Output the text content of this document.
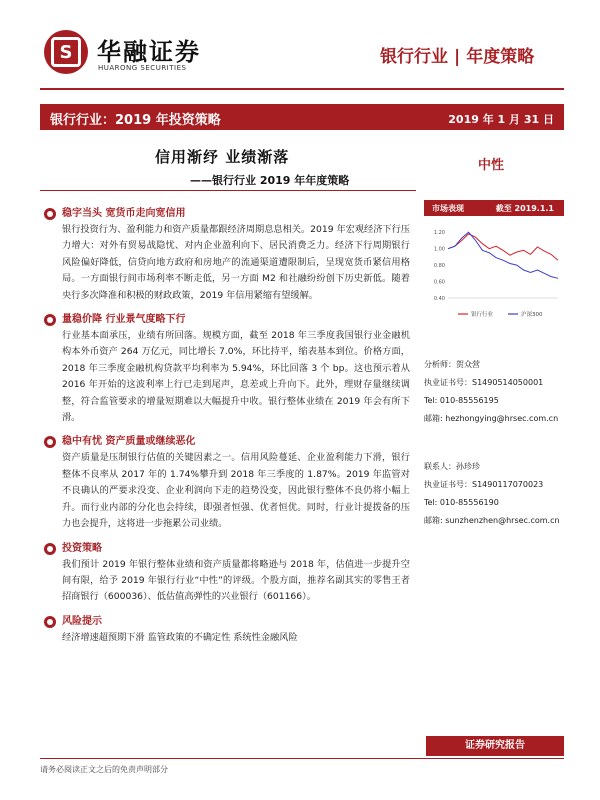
S	华融证券
HUARONG SECURITIES
银行行业 | 年度策略
银行行业：2019 年投资策略	2019 年 1 月 31 日
信用渐纾 业绩渐落
——银行行业 2019 年年度策略
中性
稳字当头 宽货币走向宽信用
银行投资行为、盈利能力和资产质量都跟经济周期息息相关。2019 年宏观经济下行压力增大：对外有贸易战隐忧、对内企业盈利向下、居民消费乏力。经济下行周期银行风险偏好降低，信贷向地方政府和房地产的流通渠道遭限制后，呈现宽货币紧信用格局。一方面银行间市场利率不断走低，另一方面 M2 和社融纷纷创下历史新低。随着央行多次降准和积极的财政政策，2019 年信用紧缩有望缓解。
量稳价降 行业景气度略下行
行业基本面承压，业绩有所回落。规模方面，截至 2018 年三季度我国银行业金融机构本外币资产 264 万亿元，同比增长 7.0%，环比持平，缩表基本到位。价格方面，2018 年三季度金融机构贷款平均利率为 5.94%，环比回落 3 个 bp。这也预示着从 2016 年开始的这波利率上行已走到尾声，息差或上升向下。此外，理财存量继续调整，符合监管要求的增量短期难以大幅提升中收。银行整体业绩在 2019 年会有所下滑。
稳中有忧 资产质量或继续恶化
资产质量是压制银行估值的关键因素之一。信用风险蔓延、企业盈利能力下滑，银行整体不良率从 2017 年的 1.74%攀升到 2018 年三季度的 1.87%。2019 年监管对不良确认的严要求没变、企业利润向下走的趋势没变，因此银行整体不良仍将小幅上升。而行业内部的分化也会持续，即强者恒强、优者恒优。同时，行业计提拨备的压力也会提升，这将进一步拖累公司业绩。
投资策略
我们预计 2019 年银行整体业绩和资产质量都将略逊与 2018 年，估值进一步提升空间有限，给予 2019 年银行行业“中性”的评级。个股方面，推荐名副其实的零售王者招商银行（600036）、低估值高弹性的兴业银行（601166）。
风险提示
经济增速超预期下滑 监管政策的不确定性 系统性金融风险
市场表现	截至 2019.1.1
1.20
1.00
0.80
0.60
0.40
银行行业	沪深300
分析师：贺众营
执业证书号：S1490514050001
Tel: 010-85556195
邮箱: hezhongying@hrsec.com.cn
联系人：孙珍珍
执业证书号：S1490117070023
Tel: 010-85556190
邮箱: sunzhenzhen@hrsec.com.cn
证券研究报告
请务必阅读正文之后的免责声明部分
